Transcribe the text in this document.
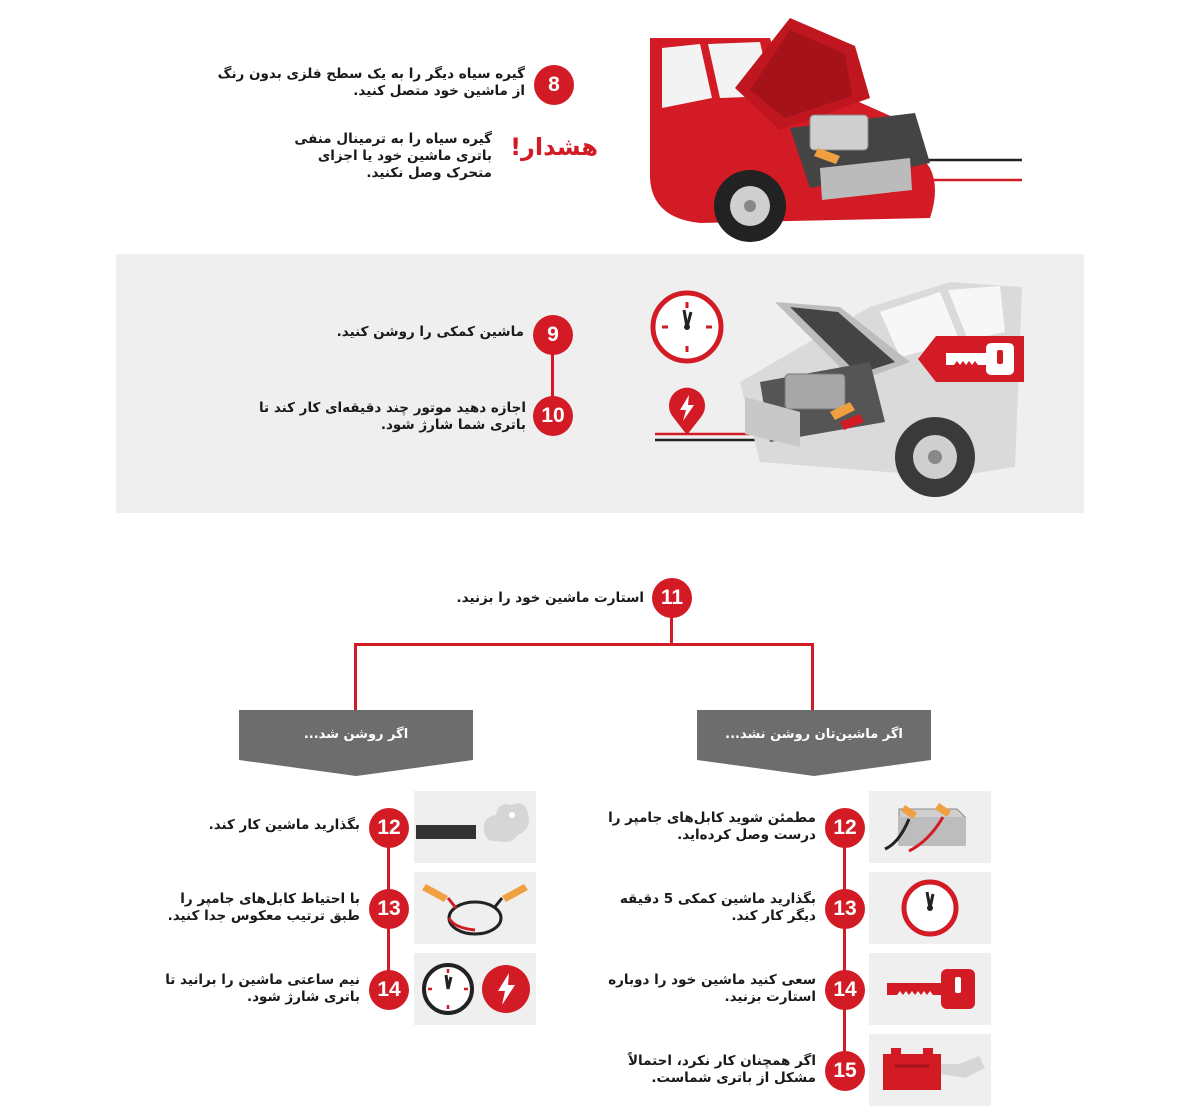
8
گیره سیاه دیگر را به یک سطح فلزی بدون رنگ از ماشین خود متصل کنید.
هشدار!
گیره سیاه را به ترمینال منفی باتری ماشین خود یا اجزای متحرک وصل نکنید.
9
ماشین کمکی را روشن کنید.
10
اجازه دهید موتور چند دقیقه‌ای کار کند تا باتری شما شارژ شود.
11
استارت ماشین خود را بزنید.
اگر روشن شد...	اگر ماشین‌تان روشن نشد...
12
بگذارید ماشین کار کند.
13
با احتیاط کابل‌های جامپر را طبق ترتیب معکوس جدا کنید.
14
نیم ساعتی ماشین را برانید تا باتری شارژ شود.
12
مطمئن شوید کابل‌های جامپر را درست وصل کرده‌اید.
13
بگذارید ماشین کمکی 5 دقیقه دیگر کار کند.
14
سعی کنید ماشین خود را دوباره استارت بزنید.
15
اگر همچنان کار نکرد، احتمالاً مشکل از باتری شماست.
